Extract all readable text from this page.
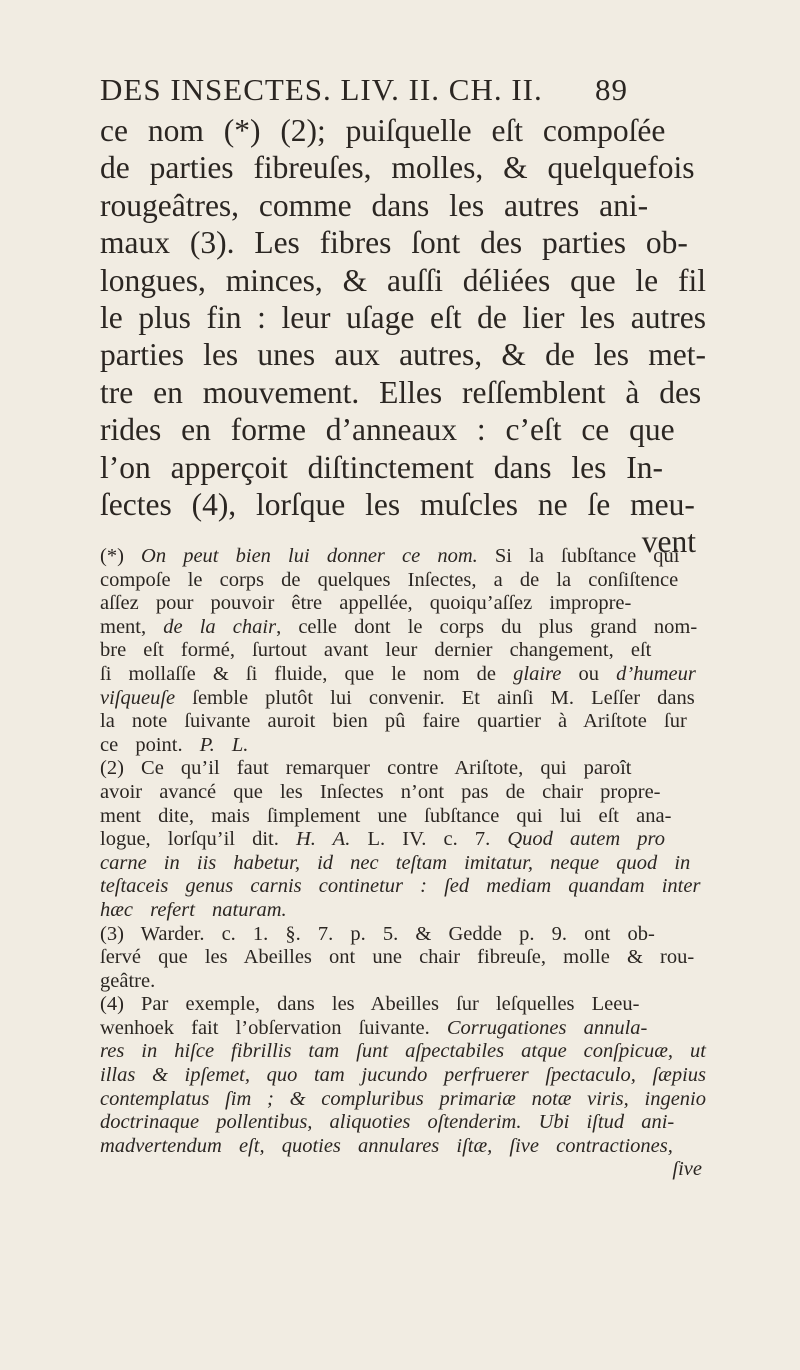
DES INSECTES. LIV. II. CH. II. 89
ce nom (*) (2); puiſquelle eſt compoſée
de parties fibreuſes, molles, & quelquefois
rougeâtres, comme dans les autres ani-
maux (3). Les fibres ſont des parties ob-
longues, minces, & auſſi déliées que le fil
le plus fin : leur uſage eſt de lier les autres
parties les unes aux autres, & de les met-
tre en mouvement. Elles reſſemblent à des
rides en forme d’anneaux : c’eſt ce que
l’on apperçoit diſtinctement dans les In-
ſectes (4), lorſque les muſcles ne ſe meu-
vent
(*) On peut bien lui donner ce nom. Si la ſubſtance qui
compoſe le corps de quelques Inſectes, a de la conſiſtence
aſſez pour pouvoir être appellée, quoiqu’aſſez impropre-
ment, de la chair, celle dont le corps du plus grand nom-
bre eſt formé, ſurtout avant leur dernier changement, eſt
ſi mollaſſe & ſi fluide, que le nom de glaire ou d’humeur
viſqueuſe ſemble plutôt lui convenir. Et ainſi M. Leſſer dans
la note ſuivante auroit bien pû faire quartier à Ariſtote ſur
ce point. P. L.
(2) Ce qu’il faut remarquer contre Ariſtote, qui paroît
avoir avancé que les Inſectes n’ont pas de chair propre-
ment dite, mais ſimplement une ſubſtance qui lui eſt ana-
logue, lorſqu’il dit. H. A. L. IV. c. 7. Quod autem pro
carne in iis habetur, id nec teſtam imitatur, neque quod in
teſtaceis genus carnis continetur : ſed mediam quandam inter
hæc refert naturam.
(3) Warder. c. 1. §. 7. p. 5. & Gedde p. 9. ont ob-
ſervé que les Abeilles ont une chair fibreuſe, molle & rou-
geâtre.
(4) Par exemple, dans les Abeilles ſur leſquelles Leeu-
wenhoek fait l’obſervation ſuivante. Corrugationes annula-
res in hiſce fibrillis tam ſunt aſpectabiles atque conſpicuæ, ut
illas & ipſemet, quo tam jucundo perfruerer ſpectaculo, ſæpius
contemplatus ſim ; & compluribus primariæ notæ viris, ingenio
doctrinaque pollentibus, aliquoties oſtenderim. Ubi iſtud ani-
madvertendum eſt, quoties annulares iſtæ, ſive contractiones,
ſive
